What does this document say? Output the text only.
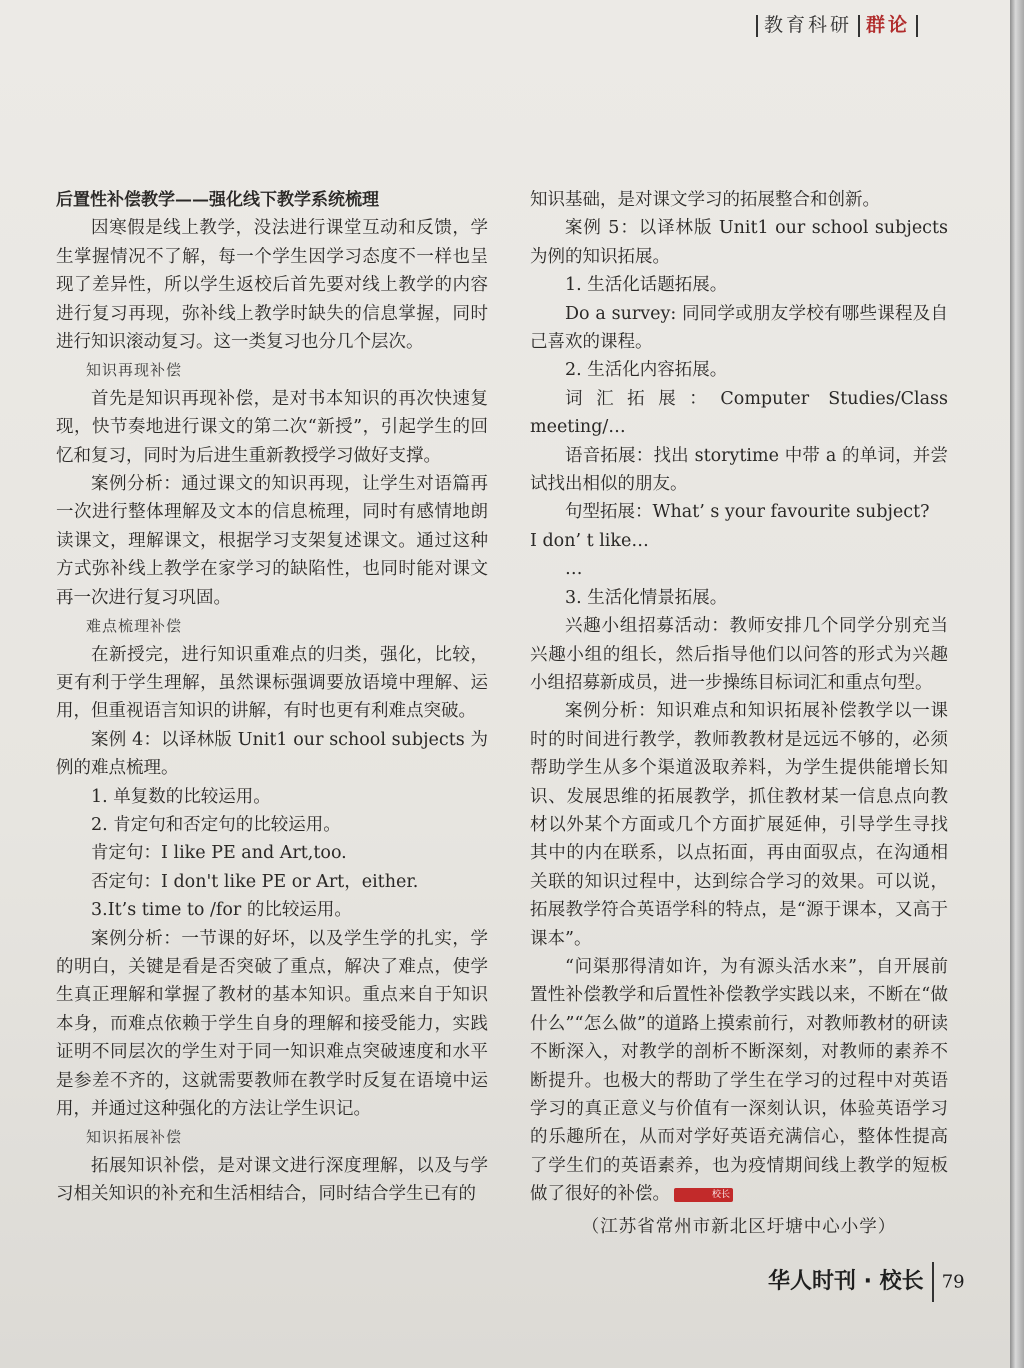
教育科研 群论

后置性补偿教学——强化线下教学系统梳理

因寒假是线上教学，没法进行课堂互动和反馈，学生掌握情况不了解，每一个学生因学习态度不一样也呈现了差异性，所以学生返校后首先要对线上教学的内容进行复习再现，弥补线上教学时缺失的信息掌握，同时进行知识滚动复习。这一类复习也分几个层次。

知识再现补偿

首先是知识再现补偿，是对书本知识的再次快速复现，快节奏地进行课文的第二次“新授”，引起学生的回忆和复习，同时为后进生重新教授学习做好支撑。

案例分析：通过课文的知识再现，让学生对语篇再一次进行整体理解及文本的信息梳理，同时有感情地朗读课文，理解课文，根据学习支架复述课文。通过这种方式弥补线上教学在家学习的缺陷性，也同时能对课文再一次进行复习巩固。

难点梳理补偿

在新授完，进行知识重难点的归类，强化，比较，更有利于学生理解，虽然课标强调要放语境中理解、运用，但重视语言知识的讲解，有时也更有利难点突破。

案例 4：以译林版 Unit1 our school subjects 为例的难点梳理。

1. 单复数的比较运用。

2. 肯定句和否定句的比较运用。

肯定句：I like PE and Art,too.

否定句：I don't like PE or Art，either.

3.It’s time to /for 的比较运用。

案例分析：一节课的好坏，以及学生学的扎实，学的明白，关键是看是否突破了重点，解决了难点，使学生真正理解和掌握了教材的基本知识。重点来自于知识本身，而难点依赖于学生自身的理解和接受能力，实践证明不同层次的学生对于同一知识难点突破速度和水平是参差不齐的，这就需要教师在教学时反复在语境中运用，并通过这种强化的方法让学生识记。

知识拓展补偿

拓展知识补偿，是对课文进行深度理解，以及与学习相关知识的补充和生活相结合，同时结合学生已有的

知识基础，是对课文学习的拓展整合和创新。

案例 5：以译林版 Unit1 our school subjects 为例的知识拓展。

1. 生活化话题拓展。

Do a survey: 同同学或朋友学校有哪些课程及自己喜欢的课程。

2. 生活化内容拓展。

词汇拓展：Computer Studies/Class meeting/…

语音拓展：找出 storytime 中带 a 的单词，并尝试找出相似的朋友。

句型拓展：What’ s your favourite subject?

I don’ t like…

…

3. 生活化情景拓展。

兴趣小组招募活动：教师安排几个同学分别充当兴趣小组的组长，然后指导他们以问答的形式为兴趣小组招募新成员，进一步操练目标词汇和重点句型。

案例分析：知识难点和知识拓展补偿教学以一课时的时间进行教学，教师教教材是远远不够的，必须帮助学生从多个渠道汲取养料，为学生提供能增长知识、发展思维的拓展教学，抓住教材某一信息点向教材以外某个方面或几个方面扩展延伸，引导学生寻找其中的内在联系，以点拓面，再由面驭点，在沟通相关联的知识过程中，达到综合学习的效果。可以说，拓展教学符合英语学科的特点，是“源于课本，又高于课本”。

“问渠那得清如许，为有源头活水来”，自开展前置性补偿教学和后置性补偿教学实践以来，不断在“做什么”“怎么做”的道路上摸索前行，对教师教材的研读不断深入，对教学的剖析不断深刻，对教师的素养不断提升。也极大的帮助了学生在学习的过程中对英语学习的真正意义与价值有一深刻认识，体验英语学习的乐趣所在，从而对学好英语充满信心，整体性提高了学生们的英语素养，也为疫情期间线上教学的短板做了很好的补偿。	校长

（江苏省常州市新北区圩塘中心小学）

华人时刊 · 校长 79
